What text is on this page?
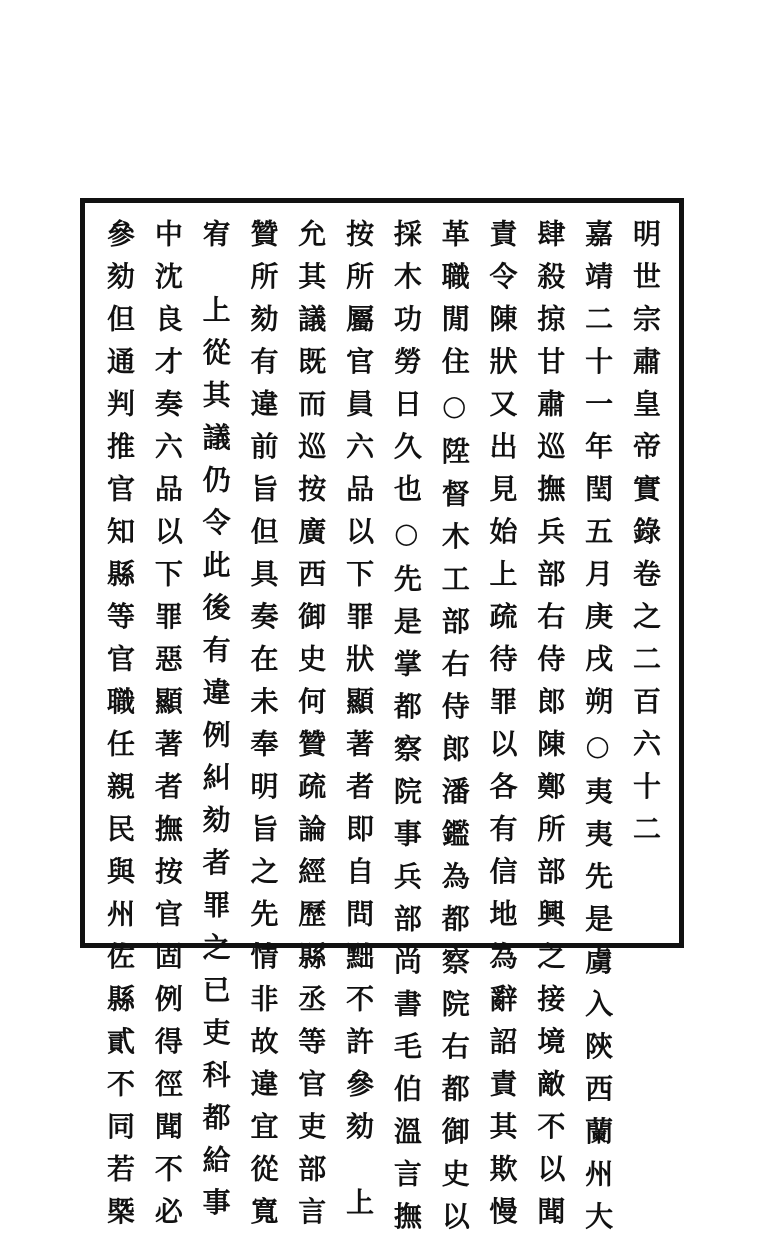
明世宗肅皇帝實錄卷之二百六十二
嘉靖二十一年閏五月庚戌朔○夷夷先是虜入陝西蘭州大
肆殺掠甘肅巡撫兵部右侍郎陳鄭所部興之接境敵不以聞
責令陳狀又出見始上疏待罪以各有信地為辭詔責其欺慢
革職閒住○陞督木工部右侍郎潘鑑為都察院右都御史以
採木功勞日久也○先是掌都察院事兵部尚書毛伯溫言撫
按所屬官員六品以下罪狀顯著者即自問黜不許參劾上
允其議既而巡按廣西御史何贊疏論經歷縣丞等官吏部言
贊所劾有違前旨但具奏在未奉明旨之先情非故違宜從寬
宥上從其議仍令此後有違例糾劾者罪之已吏科都給事
中沈良才奏六品以下罪惡顯著者撫按官固例得徑聞不必
參劾但通判推官知縣等官職任親民與州佐縣貳不同若槩
